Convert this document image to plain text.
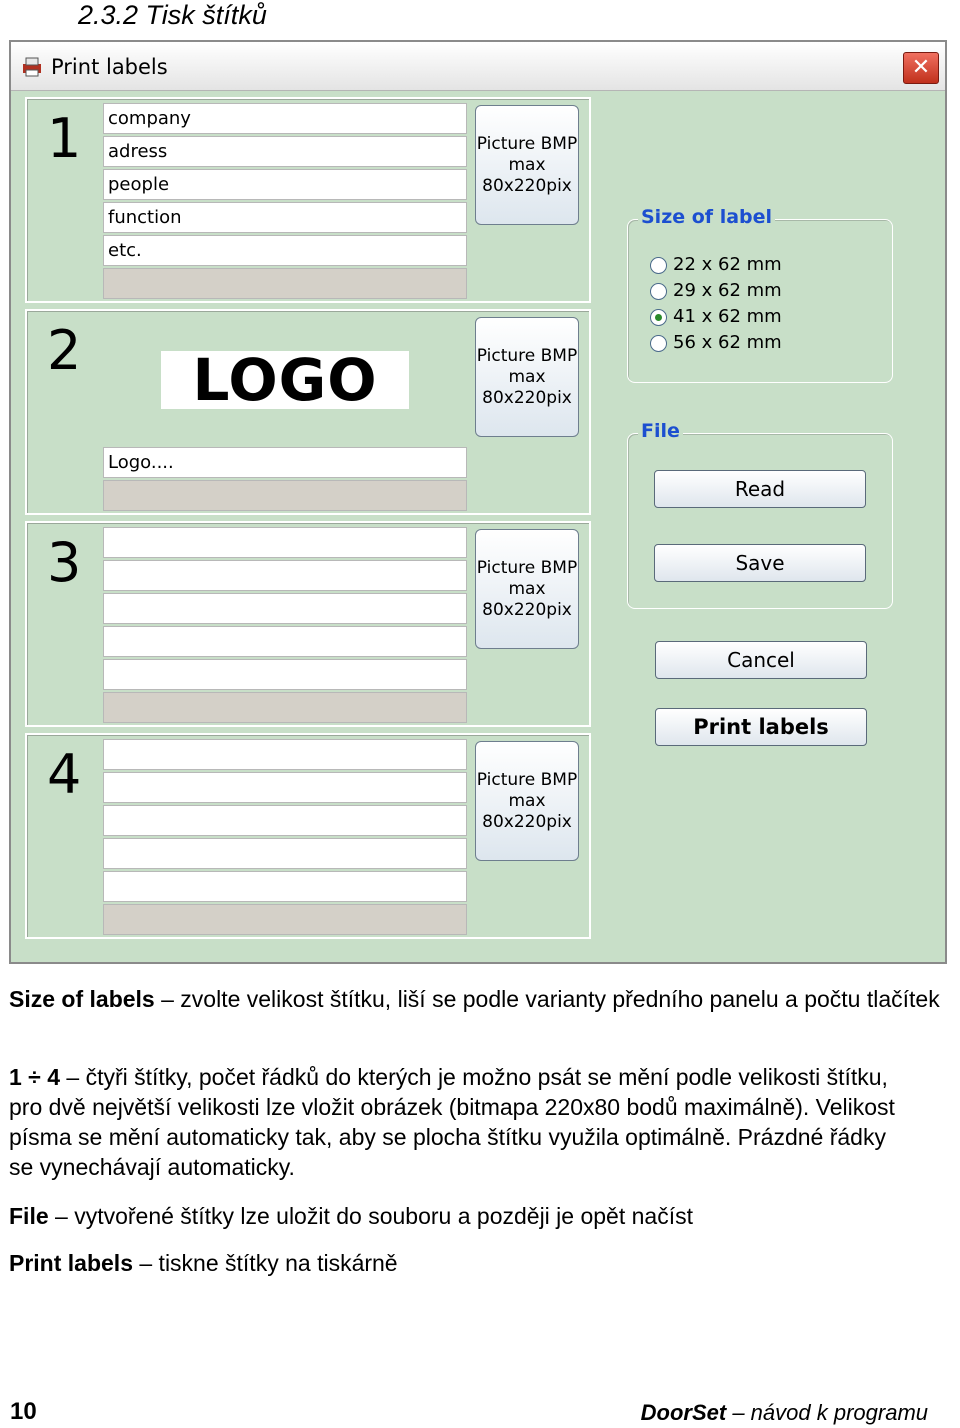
2.3.2 Tisk štítků
Print labels	✕
1 company
adress
people
function
etc.
Picture BMP
max
80x220pix
2	LOGO
Logo....
Picture BMP
max
80x220pix
3	Picture BMP
max
80x220pix
4	Picture BMP
max
80x220pix
Size of label
22 x 62 mm
29 x 62 mm
41 x 62 mm
56 x 62 mm
File
Read
Save
Cancel
Print labels
Size of labels – zvolte velikost štítku, liší se podle varianty předního panelu a počtu tlačítek
1 ÷ 4 – čtyři štítky, počet řádků do kterých je možno psát se mění podle velikosti štítku, pro dvě největší velikosti lze vložit obrázek (bitmapa 220x80 bodů maximálně). Velikost písma se mění automaticky tak, aby se plocha štítku využila optimálně. Prázdné řádky se vynechávají automaticky.
File – vytvořené štítky lze uložit do souboru a později je opět načíst
Print labels – tiskne štítky na tiskárně
10	DoorSet – návod k programu
